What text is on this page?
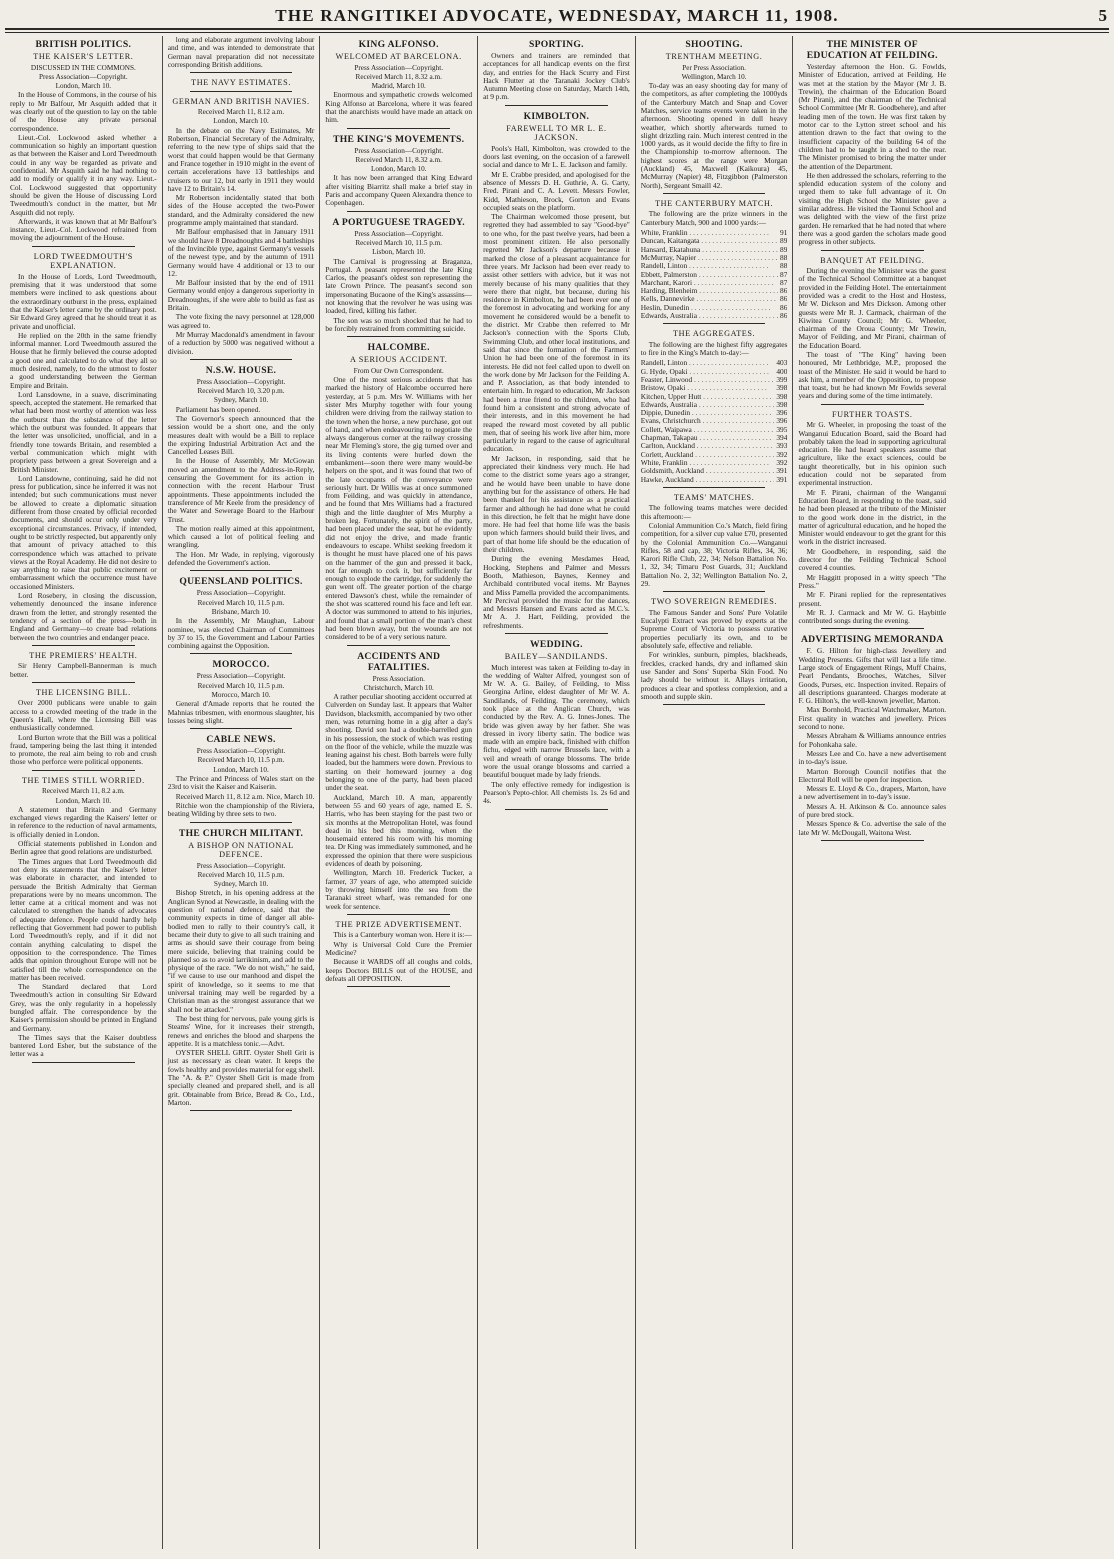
THE RANGITIKEI ADVOCATE, WEDNESDAY, MARCH 11, 1908.	5
BRITISH POLITICS.
THE KAISER'S LETTER.
DISCUSSED IN THE COMMONS.
Press Association—Copyright.
London, March 10.

In the House of Commons, in the course of his reply to Mr Balfour, Mr Asquith added that it was clearly out of the question to lay on the table of the House any private personal correspondence.

Lieut.-Col. Lockwood asked whether a communication so highly an important question as that between the Kaiser and Lord Tweedmouth could in any way be regarded as private and confidential. Mr Asquith said he had nothing to add to modify or qualify it in any way. Lieut.-Col. Lockwood suggested that opportunity should be given the House of discussing Lord Tweedmouth's conduct in the matter, but Mr Asquith did not reply.

Afterwards, it was known that at Mr Balfour's instance, Lieut.-Col. Lockwood refrained from moving the adjournment of the House.

LORD TWEEDMOUTH'S EXPLANATION.

In the House of Lords, Lord Tweedmouth, premising that it was understood that some members were inclined to ask questions about the extraordinary outburst in the press, explained that the Kaiser's letter came by the ordinary post. Sir Edward Grey agreed that he should treat it as private and unofficial.

He replied on the 20th in the same friendly informal manner. Lord Tweedmouth assured the House that he firmly believed the course adopted a good one and calculated to do what they all so much desired, namely, to do the utmost to foster a good understanding between the German Empire and Britain.

Lord Lansdowne, in a suave, discriminating speech, accepted the statement. He remarked that what had been most worthy of attention was less the outburst than the substance of the letter which the outburst was founded. It appears that the letter was unsolicited, unofficial, and in a friendly tone towards Britain, and resembled a verbal communication which might with propriety pass between a great Sovereign and a British Minister.

Lord Lansdowne, continuing, said he did not press for publication, since he inferred it was not intended; but such communications must never be allowed to create a diplomatic situation different from those created by official recorded documents, and should occur only under very exceptional circumstances. Privacy, if intended, ought to be strictly respected, but apparently only that amount of privacy attached to this correspondence which was attached to private views at the Royal Academy. He did not desire to say anything to raise that public excitement or embarrassment which the occurrence must have occasioned Ministers.

Lord Rosebery, in closing the discussion, vehemently denounced the insane inference drawn from the letter, and strongly resented the tendency of a section of the press—both in England and Germany—to create bad relations between the two countries and endanger peace.

THE PREMIERS' HEALTH.

Sir Henry Campbell-Bannerman is much better.

THE LICENSING BILL.

Over 2000 publicans were unable to gain access to a crowded meeting of the trade in the Queen's Hall, where the Licensing Bill was enthusiastically condemned.

Lord Burton wrote that the Bill was a political fraud, tampering being the last thing it intended to promote, the real aim being to rob and crush those who perforce were political opponents.

THE TIMES STILL WORRIED.
Received March 11, 8.2 a.m.
London, March 10.

A statement that Britain and Germany exchanged views regarding the Kaisers' letter or in reference to the reduction of naval armaments, is officially denied in London.

Official statements published in London and Berlin agree that good relations are undisturbed.

The Times argues that Lord Tweedmouth did not deny its statements that the Kaiser's letter was elaborate in character, and intended to persuade the British Admiralty that German preparations were by no means uncommon. The letter came at a critical moment and was not calculated to strengthen the hands of advocates of adequate defence. People could hardly help reflecting that Government had power to publish Lord Tweedmouth's reply, and if it did not contain anything calculating to dispel the opposition to the correspondence. The Times adds that opinion throughout Europe will not be satisfied till the whole correspondence on the matter has been received.

The Standard declared that Lord Tweedmouth's action in consulting Sir Edward Grey, was the only regularity in a hopelessly bungled affair. The correspondence by the Kaiser's permission should be printed in England and Germany.

The Times says that the Kaiser doubtless bantered Lord Esher, but the substance of the letter was a

long and elaborate argument involving labour and time, and was intended to demonstrate that German naval preparation did not necessitate corresponding British additions.

THE NAVY ESTIMATES.
GERMAN AND BRITISH NAVIES.
Received March 11, 8.12 a.m.
London, March 10.

In the debate on the Navy Estimates, Mr Robertson, Financial Secretary of the Admiralty, referring to the new type of ships said that the worst that could happen would be that Germany and France together in 1910 might in the event of certain accelerations have 13 battleships and cruisers to our 12, but early in 1911 they would have 12 to Britain's 14.

Mr Robertson incidentally stated that both sides of the House accepted the two-Power standard, and the Admiralty considered the new programme amply maintained that standard.

Mr Balfour emphasised that in January 1911 we should have 8 Dreadnoughts and 4 battleships of the Invincible type, against Germany's vessels of the newest type, and by the autumn of 1911 Germany would have 4 additional or 13 to our 12.

Mr Balfour insisted that by the end of 1911 Germany would enjoy a dangerous superiority in Dreadnoughts, if she were able to build as fast as Britain.

The vote fixing the navy personnel at 128,000 was agreed to.

Mr Murray Macdonald's amendment in favour of a reduction by 5000 was negatived without a division.

N.S.W. HOUSE.
Press Association—Copyright.
Received March 10, 3.20 p.m.
Sydney, March 10.

Parliament has been opened.

The Governor's speech announced that the session would be a short one, and the only measures dealt with would be a Bill to replace the expiring Industrial Arbitration Act and the Cancelled Leases Bill.

In the House of Assembly, Mr McGowan moved an amendment to the Address-in-Reply, censuring the Government for its action in connection with the recent Harbour Trust appointments. These appointments included the transference of Mr Keele from the presidency of the Water and Sewerage Board to the Harbour Trust.

The motion really aimed at this appointment, which caused a lot of political feeling and wrangling.

The Hon. Mr Wade, in replying, vigorously defended the Government's action.

QUEENSLAND POLITICS.
Press Association—Copyright.
Received March 10, 11.5 p.m.
Brisbane, March 10.

In the Assembly, Mr Maughan, Labour nominee, was elected Chairman of Committees by 37 to 15, the Government and Labour Parties combining against the Opposition.

MOROCCO.
Press Association—Copyright.
Received March 10, 11.5 p.m.
Morocco, March 10.

General d'Amade reports that he routed the Mahnias tribesmen, with enormous slaughter, his losses being slight.

CABLE NEWS.
Press Association—Copyright.
Received March 10, 11.5 p.m.
London, March 10.

The Prince and Princess of Wales start on the 23rd to visit the Kaiser and Kaiserin.

Received March 11, 8.12 a.m. Nice, March 10.

Ritchie won the championship of the Riviera, beating Wilding by three sets to two.

THE CHURCH MILITANT.
A BISHOP ON NATIONAL DEFENCE.
Press Association—Copyright.
Received March 10, 11.5 p.m.
Sydney, March 10.

Bishop Stretch, in his opening address at the Anglican Synod at Newcastle, in dealing with the question of national defence, said that the community expects in time of danger all able-bodied men to rally to their country's call, it became their duty to give to all such training and arms as should save their courage from being mere suicide, believing that training could be planned so as to avoid larrikinism, and add to the physique of the race. "We do not wish," he said, "if we cause to use our manhood and dispel the spirit of knowledge, so it seems to me that universal training may well be regarded by a Christian man as the strongest assurance that we shall not be attacked."

The best thing for nervous, pale young girls is Steams' Wine, for it increases their strength, renews and enriches the blood and sharpens the appetite. It is a matchless tonic.—Advt.

OYSTER SHELL GRIT. Oyster Shell Grit is just as necessary as clean water. It keeps the fowls healthy and provides material for egg shell. The "A. & P." Oyster Shell Grit is made from specially cleaned and prepared shell, and is all grit. Obtainable from Brice, Bread & Co., Ltd., Marton.

KING ALFONSO.
WELCOMED AT BARCELONA.
Press Association—Copyright.
Received March 11, 8.32 a.m.
Madrid, March 10.

Enormous and sympathetic crowds welcomed King Alfonso at Barcelona, where it was feared that the anarchists would have made an attack on him.

THE KING'S MOVEMENTS.
Press Association—Copyright.
Received March 11, 8.32 a.m.
London, March 10.

It has now been arranged that King Edward after visiting Biarritz shall make a brief stay in Paris and accompany Queen Alexandra thence to Copenhagen.

A PORTUGUESE TRAGEDY.
Press Association—Copyright.
Received March 10, 11.5 p.m.
Lisbon, March 10.

The Carnival is progressing at Braganza, Portugal. A peasant represented the late King Carlos, the peasant's oldest son representing the late Crown Prince. The peasant's second son impersonating Bucaone of the King's assassins—not knowing that the revolver he was using was loaded, fired, killing his father.

The son was so much shocked that he had to be forcibly restrained from committing suicide.

HALCOMBE.
A SERIOUS ACCIDENT.
From Our Own Correspondent.

One of the most serious accidents that has marked the history of Halcombe occurred here yesterday, at 5 p.m. Mrs W. Williams with her sister Mrs Murphy together with four young children were driving from the railway station to the town when the horse, a new purchase, got out of hand, and when endeavouring to negotiate the always dangerous corner at the railway crossing near Mr Fleming's store, the gig turned over and its living contents were hurled down the embankment—soon there were many would-be helpers on the spot, and it was found that two of the late occupants of the conveyance were seriously hurt. Dr Willis was at once summoned from Feilding, and was quickly in attendance, and he found that Mrs Williams had a fractured thigh and the little daughter of Mrs Murphy a broken leg. Fortunately, the spirit of the party, had been placed under the seat, but he evidently did not enjoy the drive, and made frantic endeavours to escape. Whilst seeking freedom it is thought he must have placed one of his paws on the hammer of the gun and pressed it back, not far enough to cock it, but sufficiently far enough to explode the cartridge, for suddenly the gun went off. The greater portion of the charge entered Dawson's chest, while the remainder of the shot was scattered round his face and left ear. A doctor was summoned to attend to his injuries, and found that a small portion of the man's chest had been blown away, but the wounds are not considered to be of a very serious nature.

ACCIDENTS AND FATALITIES.
Press Association.
Christchurch, March 10.

A rather peculiar shooting accident occurred at Culverden on Sunday last. It appears that Walter Davidson, blacksmith, accompanied by two other men, was returning home in a gig after a day's shooting. David son had a double-barrelled gun in his possession, the stock of which was resting on the floor of the vehicle, while the muzzle was leaning against his chest. Both barrels were fully loaded, but the hammers were down. Previous to starting on their homeward journey a dog belonging to one of the party, had been placed under the seat.

Auckland, March 10. A man, apparently between 55 and 60 years of age, named E. S. Harris, who has been staying for the past two or six months at the Metropolitan Hotel, was found dead in his bed this morning, when the housemaid entered his room with his morning tea. Dr King was immediately summoned, and he expressed the opinion that there were suspicious evidences of death by poisoning.

Wellington, March 10. Frederick Tucker, a farmer, 37 years of age, who attempted suicide by throwing himself into the sea from the Taranaki street wharf, was remanded for one week for sentence.

THE PRIZE ADVERTISEMENT.

This is a Canterbury woman won. Here it is:—

Why is Universal Cold Cure the Premier Medicine?

Because it WARDS off all coughs and colds, keeps Doctors BILLS out of the HOUSE, and defeats all OPPOSITION.

SPORTING.

Owners and trainers are reminded that acceptances for all handicap events on the first day, and entries for the Hack Scurry and First Hack Flutter at the Taranaki Jockey Club's Autumn Meeting close on Saturday, March 14th, at 9 p.m.

KIMBOLTON.
FAREWELL TO MR L. E. JACKSON.

Pools's Hall, Kimbolton, was crowded to the doors last evening, on the occasion of a farewell social and dance to Mr L. E. Jackson and family.

Mr E. Crabbe presided, and apologised for the absence of Messrs D. H. Guthrie, A. G. Carty, Fred. Pirani and C. A. Levett. Messrs Fowler, Kidd, Mathieson, Brock, Gorton and Evans occupied seats on the platform.

The Chairman welcomed those present, but regretted they had assembled to say "Good-bye" to one who, for the past twelve years, had been a most prominent citizen. He also personally regretted Mr Jackson's departure because it marked the close of a pleasant acquaintance for three years. Mr Jackson had been ever ready to assist other settlers with advice, but it was not merely because of his many qualities that they were there that night, but because, during his residence in Kimbolton, he had been ever one of the foremost in advocating and working for any movement he considered would be a benefit to the district. Mr Crabbe then referred to Mr Jackson's connection with the Sports Club, Swimming Club, and other local institutions, and said that since the formation of the Farmers' Union he had been one of the foremost in its interests. He did not feel called upon to dwell on the work done by Mr Jackson for the Feilding A. and P. Association, as that body intended to entertain him. In regard to education, Mr Jackson had been a true friend to the children, who had found him a consistent and strong advocate of their interests, and in this movement he had reaped the reward most coveted by all public men, that of seeing his work live after him, more particularly in regard to the cause of agricultural education.

Mr Jackson, in responding, said that he appreciated their kindness very much. He had come to the district some years ago a stranger, and he would have been unable to have done anything but for the assistance of others. He had been thanked for his assistance as a practical farmer and although he had done what he could in this direction, he felt that he might have done more. He had feel that home life was the basis upon which farmers should build their lives, and part of that home life should be the education of their children.

During the evening Mesdames Head, Hocking, Stephens and Palmer and Messrs Booth, Mathieson, Baynes, Kenney and Archibald contributed vocal items. Mr Baynes and Miss Pamella provided the accompaniments. Mr Percival provided the music for the dances, and Messrs Hansen and Evans acted as M.C.'s. Mr A. J. Hart, Feilding, provided the refreshments.

WEDDING.
BAILEY—SANDILANDS.

Much interest was taken at Feilding to-day in the wedding of Walter Alfred, youngest son of Mr W. A. G. Bailey, of Feilding, to Miss Georgina Arline, eldest daughter of Mr W. A. Sandilands, of Feilding. The ceremony, which took place at the Anglican Church, was conducted by the Rev. A. G. Innes-Jones. The bride was given away by her father. She was dressed in ivory liberty satin. The bodice was made with an empire back, finished with chiffon fichu, edged with narrow Brussels lace, with a veil and wreath of orange blossoms. The bride wore the usual orange blossoms and carried a beautiful bouquet made by lady friends.

The only effective remedy for indigestion is Pearson's Pepto-chlor. All chemists 1s. 2s 6d and 4s.

SHOOTING.
TRENTHAM MEETING.
Per Press Association.
Wellington, March 10.

To-day was an easy shooting day for many of the competitors, as after completing the 1000yds of the Canterbury Match and Snap and Cover Matches, service teams events were taken in the afternoon. Shooting opened in dull heavy weather, which shortly afterwards turned to slight drizzling rain. Much interest centred in the 1000 yards, as it would decide the fifty to fire in the Championship to-morrow afternoon. The highest scores at the range were Morgan (Auckland) 45, Maxwell (Kaikoura) 45, McMurray (Napier) 48, Fitzgibbon (Palmerston North), Sergeant Smaill 42.

THE CANTERBURY MATCH.

The following are the prize winners in the Canterbury Match, 900 and 1000 yards:—

White, Franklin . . .	91
Duncan, Kaitangata . . .	89
Hansard, Ekatahuna . . .	89
McMurray, Napier . . .	88
Randell, Linton . . .	88
Ebbett, Palmerston . . .	87
Marchant, Karori . . .	87
Harding, Blenheim . . .	86
Kells, Dannevirke . . .	86
Heslin, Dunedin . . .	86
Edwards, Australia . . .	86
THE AGGREGATES.

The following are the highest fifty aggregates to fire in the King's Match to-day:—

Randell, Linton . . .	403
G. Hyde, Opaki . . .	400
Feaster, Linwood . . .	399
Bristow, Opaki . . .	398
Kitchen, Upper Hutt . . .	398
Edwards, Australia . . .	398
Dippie, Dunedin . . .	396
Evans, Christchurch . . .	396
Collett, Waipawa . . .	395
Chapman, Takapau . . .	394
Carlton, Auckland . . .	393
Corlett, Auckland . . .	392
White, Franklin . . .	392
Goldsmith, Auckland . . .	391
Hawke, Auckland . . .	391
TEAMS' MATCHES.

The following teams matches were decided this afternoon:—

Colonial Ammunition Co.'s Match, field firing competition, for a silver cup value £70, presented by the Colonial Ammunition Co.—Wanganui Rifles, 58 and cap, 38; Victoria Rifles, 34, 36; Karori Rifle Club, 22, 34; Nelson Battalion No. 1, 32, 34; Timaru Post Guards, 31; Auckland Battalion No. 2, 32; Wellington Battalion No. 2, 29.

TWO SOVEREIGN REMEDIES.

The Famous Sander and Sons' Pure Volatile Eucalypti Extract was proved by experts at the Supreme Court of Victoria to possess curative properties peculiarly its own, and to be absolutely safe, effective and reliable.

For wrinkles, sunburn, pimples, blackheads, freckles, cracked hands, dry and inflamed skin use Sander and Sons' Superba Skin Food. No lady should be without it. Allays irritation, produces a clear and spotless complexion, and a smooth and supple skin.

THE MINISTER OF EDUCATION AT FEILDING.

Yesterday afternoon the Hon. G. Fowlds, Minister of Education, arrived at Feilding. He was met at the station by the Mayor (Mr J. B. Trewin), the chairman of the Education Board (Mr Pirani), and the chairman of the Technical School Committee (Mr R. Goodbehere), and after leading men of the town. He was first taken by motor car to the Lytton street school and his attention drawn to the fact that owing to the insufficient capacity of the building 64 of the children had to be taught in a shed to the rear. The Minister promised to bring the matter under the attention of the Department.

He then addressed the scholars, referring to the splendid education system of the colony and urged them to take full advantage of it. On visiting the High School the Minister gave a similar address. He visited the Taonui School and was delighted with the view of the first prize garden. He remarked that he had noted that where there was a good garden the scholars made good progress in other subjects.

BANQUET AT FEILDING.

During the evening the Minister was the guest of the Technical School Committee at a banquet provided in the Feilding Hotel. The entertainment provided was a credit to the Host and Hostess, Mr W. Dickson and Mrs Dickson. Among other guests were Mr R. J. Carmack, chairman of the Kiwitea County Council; Mr G. Wheeler, chairman of the Oroua County; Mr Trewin, Mayor of Feilding, and Mr Pirani, chairman of the Education Board.

The toast of "The King" having been honoured, Mr Lethbridge, M.P., proposed the toast of the Minister. He said it would be hard to ask him, a member of the Opposition, to propose that toast, but he had known Mr Fowlds several years and during some of the time intimately.

FURTHER TOASTS.

Mr G. Wheeler, in proposing the toast of the Wanganui Education Board, said the Board had probably taken the lead in supporting agricultural education. He had heard speakers assume that agriculture, like the exact sciences, could be taught theoretically, but in his opinion such education could not be separated from experimental instruction.

Mr F. Pirani, chairman of the Wanganui Education Board, in responding to the toast, said he had been pleased at the tribute of the Minister to the good work done in the district, in the matter of agricultural education, and he hoped the Minister would endeavour to get the grant for this work in the district increased.

Mr Goodbehere, in responding, said the director for the Feilding Technical School covered 4 counties.

Mr Haggitt proposed in a witty speech "The Press."

Mr F. Pirani replied for the representatives present.

Mr R. J. Carmack and Mr W. G. Haybittle contributed songs during the evening.

ADVERTISING MEMORANDA

F. G. Hilton for high-class Jewellery and Wedding Presents. Gifts that will last a life time. Large stock of Engagement Rings, Muff Chains, Pearl Pendants, Brooches, Watches, Silver Goods, Purses, etc. Inspection invited. Repairs of all descriptions guaranteed. Charges moderate at F. G. Hilton's, the well-known jeweller, Marton.

Max Bornhold, Practical Watchmaker, Marton. First quality in watches and jewellery. Prices second to none.

Messrs Abraham & Williams announce entries for Pohonkaha sale.

Messrs Lee and Co. have a new advertisement in to-day's issue.

Marton Borough Council notifies that the Electoral Roll will be open for inspection.

Messrs E. Lloyd & Co., drapers, Marton, have a new advertisement in to-day's issue.

Messrs A. H. Atkinson & Co. announce sales of pure bred stock.

Messrs Spence & Co. advertise the sale of the late Mr W. McDougall, Waitona West.
